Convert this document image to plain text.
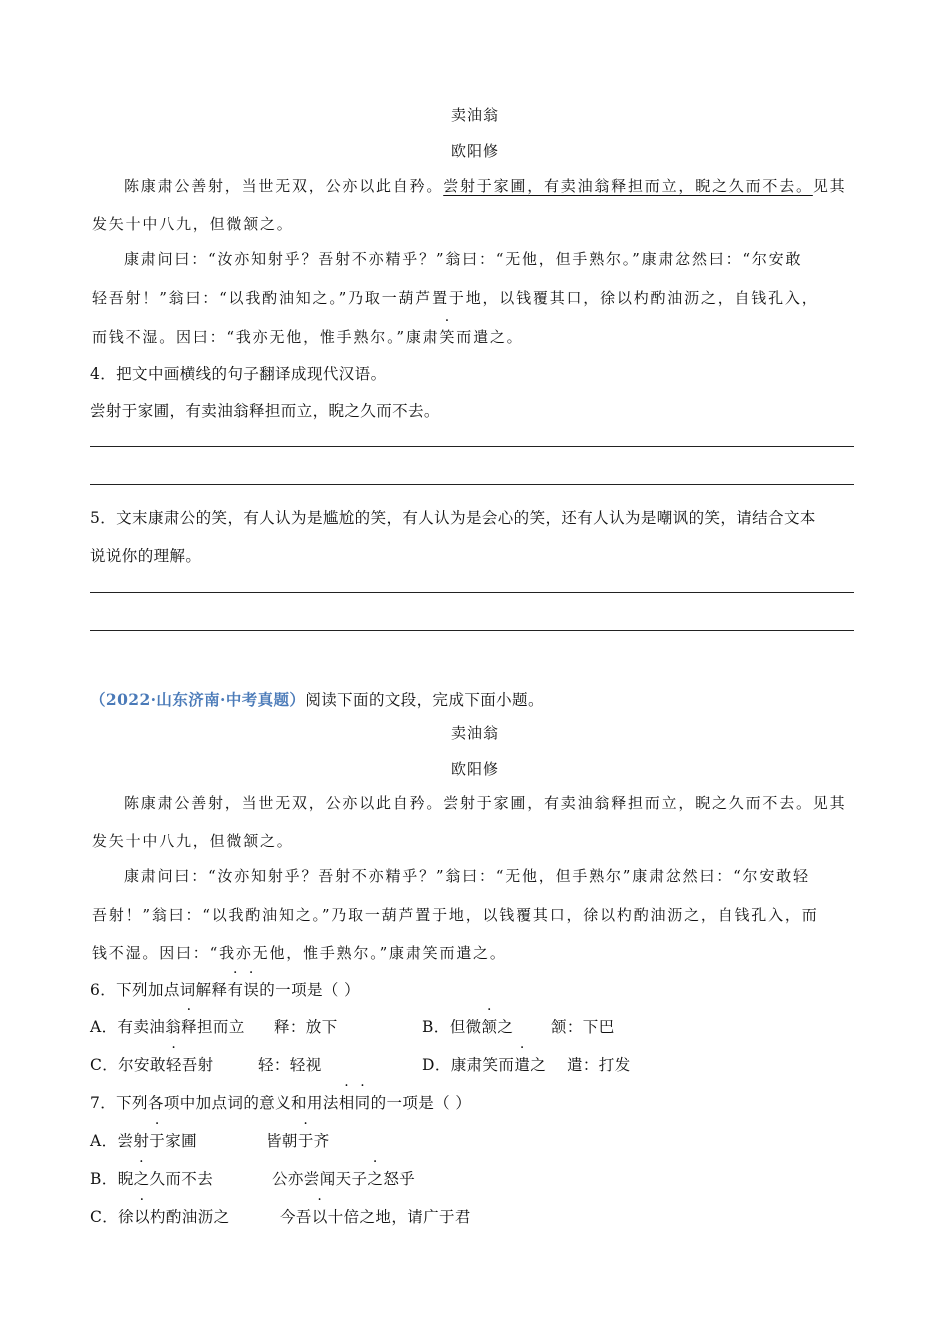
卖油翁
欧阳修
陈康肃公善射，当世无双，公亦以此自矜。尝射于家圃，有卖油翁释担而立，睨之久而不去。见其
发矢十中八九，但微颔之。
康肃问曰：“汝亦知射乎？吾射不亦精乎？”翁曰：“无他，但手熟尔。”康肃忿然曰：“尔安敢
轻吾射！”翁曰：“以我酌油知之。”乃取一葫芦置于地，以钱覆其口，徐以杓酌油沥之，自钱孔入，
而钱不湿。因曰：“我亦无他，惟手熟尔。”康肃笑而遣之。
4．把文中画横线的句子翻译成现代汉语。
尝射于家圃，有卖油翁释担而立，睨之久而不去。
5．文末康肃公的笑，有人认为是尴尬的笑，有人认为是会心的笑，还有人认为是嘲讽的笑，请结合文本
说说你的理解。
（2022·山东济南·中考真题）阅读下面的文段，完成下面小题。
卖油翁
欧阳修
陈康肃公善射，当世无双，公亦以此自矜。尝射于家圃，有卖油翁释担而立，睨之久而不去。见其
发矢十中八九，但微颔之。
康肃问曰：“汝亦知射乎？吾射不亦精乎？”翁曰：“无他，但手熟尔”康肃忿然曰：“尔安敢轻
吾射！”翁曰：“以我酌油知之。”乃取一葫芦置于地，以钱覆其口，徐以杓酌油沥之，自钱孔入，而
钱不湿。因曰：“我亦无他，惟手熟尔。”康肃笑而遣之。
6．下列加点词解释有误的一项是（ ）
A．有卖油翁释担而立 释：放下	B．但微颔之 颔：下巴
C．尔安敢轻吾射	轻：轻视	D．康肃笑而遣之 遣：打发
7．下列各项中加点词的意义和用法相同的一项是（ ）
A．尝射于家圃	皆朝于齐
B．睨之久而不去	公亦尝闻天子之怒乎
C．徐以杓酌油沥之	今吾以十倍之地，请广于君
